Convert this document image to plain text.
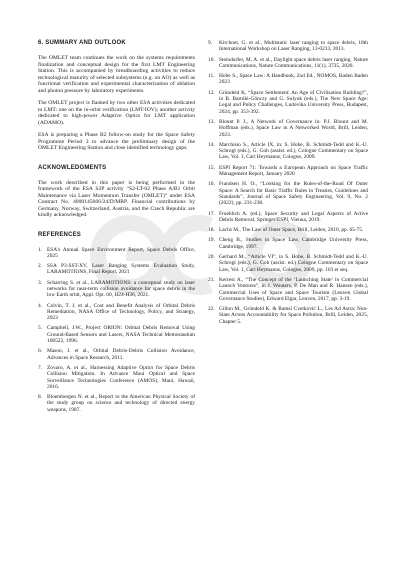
6. SUMMARY AND OUTLOOK

The OMLET team continues the work on the systems requirements finalization and conceptual design for the first LMT Engineering Station. This is accompanied by breadboarding activities to reduce technological maturity of selected subsystems (e.g. on AO) as well as functional verification and experimental characterization of ablation and photon pressure by laboratory experiments.

The OMLET project is flanked by two other ESA activities dedicated to LMT: one on the in-orbit verification (LMT-IOV); another activity dedicated to high-power Adaptive Optics for LMT application (ADAMO).

ESA is preparing a Phase B2 follow-on study for the Space Safety Programme Period 3 to advance the preliminary design of the OMLET Engineering Station and close identified technology gaps.

ACKNOWLEDGMENTS

The work described in this paper is being performed in the framework of the ESA S2P activity “S2-LT-02 Phase A/B1 Orbit Maintenance via Laser Momentum Transfer (OMLET)” under ESA Contract No. 4000145666/24/D/MRP. Financial contributions by Germany, Norway, Switzerland, Austria, and the Czech Republic are kindly acknowledged.

REFERENCES
1. ESA's Annual Space Environment Report, Space Debris Office, 2025
2. SSA P3-SST-XV, Laser Ranging Systems Evaluation Study, LARAMOTIONS, Final Report, 2021
3. Scharring S. et al., LARAMOTIONS: a conceptual study on laser networks for near-term collision avoidance for space debris in the low Earth orbit, Appl. Opt. 60, H24-H36, 2021.
4. Colvin, T. J. et al., Cost and Benefit Analysis of Orbital Debris Remediation, NASA Office of Technology, Policy, and Strategy, 2023
5. Campbell, J.W., Project ORION: Orbital Debris Removal Using Ground-Based Sensors and Lasers, NASA Technical Memorandum 108522, 1996.
6. Mason, J. et al., Orbital Debris-Debris Collision Avoidance, Advances in Space Research, 2011.
7. Zovaro, A. et al., Harnessing Adaptive Optics for Space Debris Collision Mitigation. In Advance Maui Optical and Space Surveillance Technologies Conference (AMOS), Maui, Hawaii, 2016.
8. Bloembergen N. et al., Report to the American Physical Society of the study group on science and technology of directed energy weapons, 1987.
9.	Kirchner, G. et al., Multistatic laser ranging to space debris, 18th International Workshop on Laser Ranging, 13-0213, 2013.
10. Steindorfer, M. A. et al., Daylight space debris laser ranging. Nature Communications, Nature Communications, 11(1), 3735, 2020.
11. Hobe S., Space Law: A Handbook, 2nd Ed., NOMOS, Baden Baden 2023
12. Gründeld K, “Space Settlement: An Age of Civilisation Building?”, in B. Bartóki-Gönczy and G. Sulyok (eds.), The New Space Age: Legal and Policy Challenges, Ludovika University Press, Budapest, 2024, pp. 353-392.
13. Blount P. J., A Network of Governance in: P.J. Blount and M. Hoffman (eds.), Space Law in A Networked World, Brill, Leiden, 2023.
14. Marchisio S., Article IX, in: S. Hobe, B. Schmidt-Tedd and K.-U. Schrogl (eds.), G. Goh (assist. ed.), Cologne Commentary on Space Law, Vol. 1, Carl Heymanns, Cologne, 2009.
15. ESPI Report 71: Towards a European Approach on Space Traffic Management Report, January 2020
16. Frandsen H. O., “Looking for the Rules-of-the-Road Of Outer Space: A Search for Basic Traffic Rules in Treaties, Guidelines and Standards”, Journal of Space Safety Engineering, Vol. 9, No. 2 (2022), pp. 231-238.
17. Froehlich A. (ed.), Space Security and Legal Aspects of Active Debris Removal, Springer/ESPI, Vienna, 2019.
18. Lachs M., The Law of Outer Space, Brill, Leiden, 2010, pp. 65-75.
19. Cheng B., Studies in Space Law, Cambridge University Press, Cambridge, 1997.
20. Gerhard M., “Article VI”, in S. Hobe, B. Schmidt-Tedd and K.-U. Schrogl (eds.), G. Goh (assist. ed.) Cologne Commentary on Space Law, Vol. 1, Carl Heymanns, Cologne, 2009, pp. 103 et seq.
21. Kerrest A., “The Concept of the ‘Launching State’ in Commercial Launch Ventures”, in J. Wouters, P. De Man and R. Hansen (eds.), Commercial Uses of Space and Space Tourism (Leuven Global Governance Studies), Edward Elgar, Leuven, 2017, pp. 3-19.
22. Gillon M., Gründeld K. & Ramsi Cvetković L., Les Ad Astra: Non-State Actors Accountability for Space Pollution, Brill, Leiden, 2025, Chapter 5.
